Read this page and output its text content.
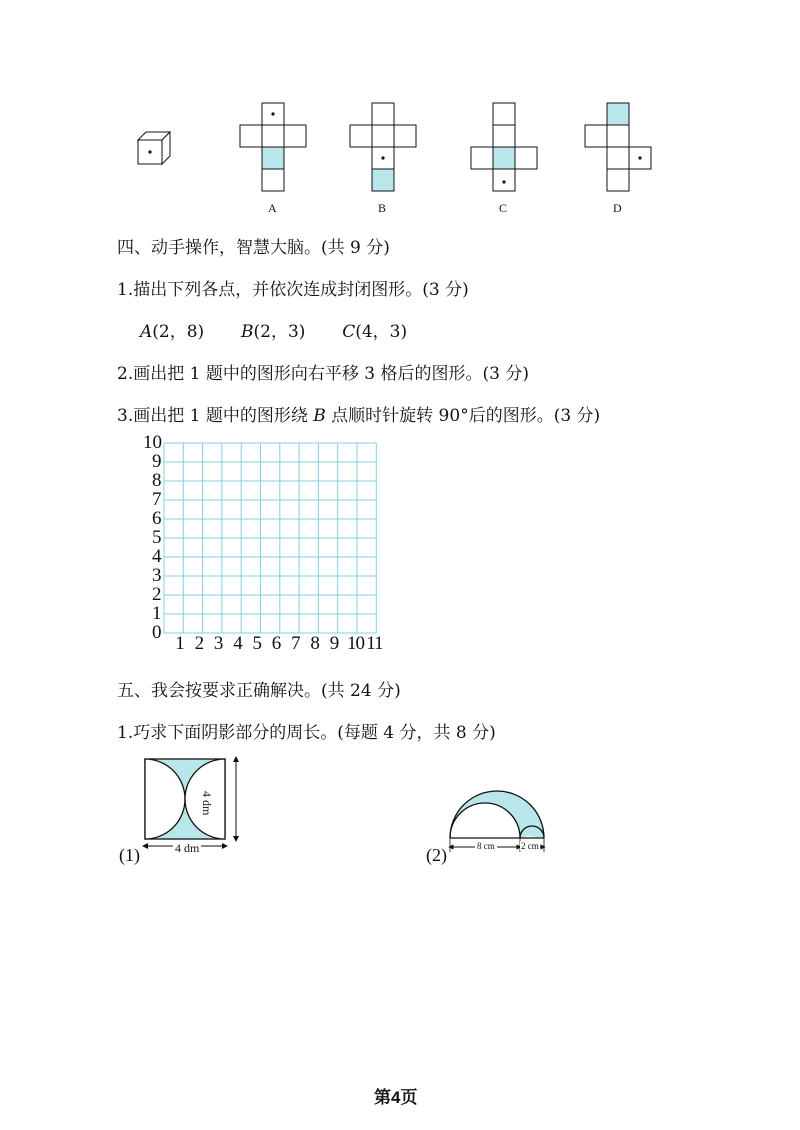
A	B	C	D
四、动手操作，智慧大脑。(共 9 分)
1.描出下列各点，并依次连成封闭图形。(3 分)
A(2，8) B(2，3) C(4，3)
2.画出把 1 题中的图形向右平移 3 格后的图形。(3 分)
3.画出把 1 题中的图形绕 B 点顺时针旋转 90°后的图形。(3 分)
10
9
8
7
6
5
4
3
2
1
0
1 2 3 4 5 6 7 8 9 10 11
五、我会按要求正确解决。(共 24 分)
1.巧求下面阴影部分的周长。(每题 4 分，共 8 分)
4 dm
4 dm
(1)	8 cm	2 cm
(2)
第4页
